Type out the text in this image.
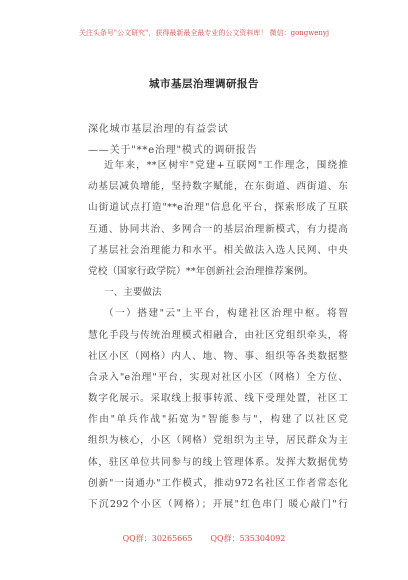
关注头条号"公文研究"，获得最新最全最专业的公文资料库！ 微信：gongwenyj
城市基层治理调研报告
深化城市基层治理的有益尝试
——关于"**e治理"模式的调研报告
近年来，**区树牢"党建+互联网"工作理念，围绕推
动基层减负增能，坚持数字赋能，在东街道、西街道、东
山街道试点打造"**e治理"信息化平台，探索形成了互联
互通、协同共治、多网合一的基层治理新模式，有力提高
了基层社会治理能力和水平。相关做法入选人民网、中央
党校（国家行政学院）**年创新社会治理推荐案例。
一、主要做法
（一）搭建"云"上平台，构建社区治理中枢。将智
慧化手段与传统治理模式相融合，由社区党组织牵头，将
社区小区（网格）内人、地、物、事、组织等各类数据整
合录入"e治理"平台，实现对社区小区（网格）全方位、
数字化展示。采取线上报事转派、线下受理处置，社区工
作由"单兵作战"拓宽为"智能参与"，构建了以社区党
组织为核心，小区（网格）党组织为主导，居民群众为主
体，驻区单位共同参与的线上管理体系。发挥大数据优势
创新"一岗通办"工作模式，推动972名社区工作者常态化
下沉292个小区（网格）；开展"红色串门 暖心敲门"行
QQ群：30265665 QQ群：535304092
